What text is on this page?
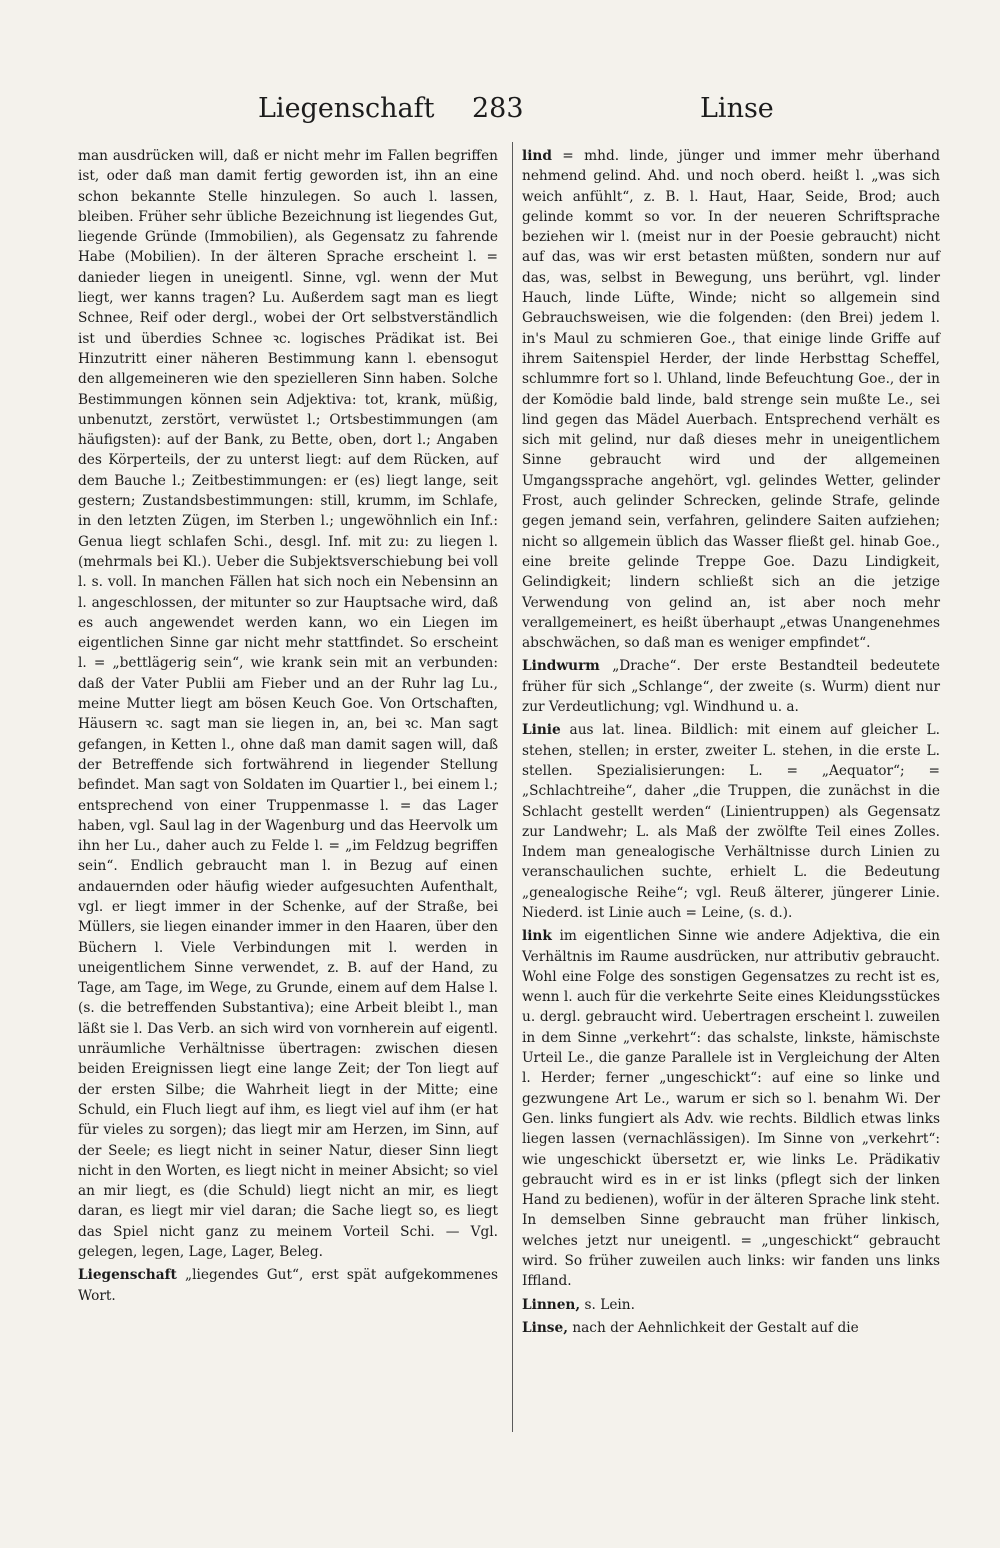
Liegenschaft 283	Linse

man ausdrücken will, daß er nicht mehr im Fallen begriffen ist, oder daß man damit fertig geworden ist, ihn an eine schon bekannte Stelle hinzulegen. So auch l. lassen, bleiben. Früher sehr übliche Bezeichnung ist liegendes Gut, liegende Gründe (Immobilien), als Gegensatz zu fahrende Habe (Mobilien). In der älteren Sprache erscheint l. = danieder liegen in uneigentl. Sinne, vgl. wenn der Mut liegt, wer kanns tragen? Lu. Außerdem sagt man es liegt Schnee, Reif oder dergl., wobei der Ort selbstverständlich ist und überdies Schnee ꝛc. logisches Prädikat ist. Bei Hinzutritt einer näheren Bestimmung kann l. ebensogut den allgemeineren wie den spezielleren Sinn haben. Solche Bestimmungen können sein Adjektiva: tot, krank, müßig, unbenutzt, zerstört, verwüstet l.; Ortsbestimmungen (am häufigsten): auf der Bank, zu Bette, oben, dort l.; Angaben des Körperteils, der zu unterst liegt: auf dem Rücken, auf dem Bauche l.; Zeitbestimmungen: er (es) liegt lange, seit gestern; Zustandsbestimmungen: still, krumm, im Schlafe, in den letzten Zügen, im Sterben l.; ungewöhnlich ein Inf.: Genua liegt schlafen Schi., desgl. Inf. mit zu: zu liegen l. (mehrmals bei Kl.). Ueber die Subjektsverschiebung bei voll l. s. voll. In manchen Fällen hat sich noch ein Nebensinn an l. angeschlossen, der mitunter so zur Hauptsache wird, daß es auch angewendet werden kann, wo ein Liegen im eigentlichen Sinne gar nicht mehr stattfindet. So erscheint l. = „bettlägerig sein“, wie krank sein mit an verbunden: daß der Vater Publii am Fieber und an der Ruhr lag Lu., meine Mutter liegt am bösen Keuch Goe. Von Ortschaften, Häusern ꝛc. sagt man sie liegen in, an, bei ꝛc. Man sagt gefangen, in Ketten l., ohne daß man damit sagen will, daß der Betreffende sich fortwährend in liegender Stellung befindet. Man sagt von Soldaten im Quartier l., bei einem l.; entsprechend von einer Truppenmasse l. = das Lager haben, vgl. Saul lag in der Wagenburg und das Heervolk um ihn her Lu., daher auch zu Felde l. = „im Feldzug begriffen sein“. Endlich gebraucht man l. in Bezug auf einen andauernden oder häufig wieder aufgesuchten Aufenthalt, vgl. er liegt immer in der Schenke, auf der Straße, bei Müllers, sie liegen einander immer in den Haaren, über den Büchern l. Viele Verbindungen mit l. werden in uneigentlichem Sinne verwendet, z. B. auf der Hand, zu Tage, am Tage, im Wege, zu Grunde, einem auf dem Halse l. (s. die betreffenden Substantiva); eine Arbeit bleibt l., man läßt sie l. Das Verb. an sich wird von vornherein auf eigentl. unräumliche Verhältnisse übertragen: zwischen diesen beiden Ereignissen liegt eine lange Zeit; der Ton liegt auf der ersten Silbe; die Wahrheit liegt in der Mitte; eine Schuld, ein Fluch liegt auf ihm, es liegt viel auf ihm (er hat für vieles zu sorgen); das liegt mir am Herzen, im Sinn, auf der Seele; es liegt nicht in seiner Natur, dieser Sinn liegt nicht in den Worten, es liegt nicht in meiner Absicht; so viel an mir liegt, es (die Schuld) liegt nicht an mir, es liegt daran, es liegt mir viel daran; die Sache liegt so, es liegt das Spiel nicht ganz zu meinem Vorteil Schi. — Vgl. gelegen, legen, Lage, Lager, Beleg.

Liegenschaft „liegendes Gut“, erst spät aufgekommenes Wort.

lind = mhd. linde, jünger und immer mehr überhand nehmend gelind. Ahd. und noch oberd. heißt l. „was sich weich anfühlt“, z. B. l. Haut, Haar, Seide, Brod; auch gelinde kommt so vor. In der neueren Schriftsprache beziehen wir l. (meist nur in der Poesie gebraucht) nicht auf das, was wir erst betasten müßten, sondern nur auf das, was, selbst in Bewegung, uns berührt, vgl. linder Hauch, linde Lüfte, Winde; nicht so allgemein sind Gebrauchsweisen, wie die folgenden: (den Brei) jedem l. in's Maul zu schmieren Goe., that einige linde Griffe auf ihrem Saitenspiel Herder, der linde Herbsttag Scheffel, schlummre fort so l. Uhland, linde Befeuchtung Goe., der in der Komödie bald linde, bald strenge sein mußte Le., sei lind gegen das Mädel Auerbach. Entsprechend verhält es sich mit gelind, nur daß dieses mehr in uneigentlichem Sinne gebraucht wird und der allgemeinen Umgangssprache angehört, vgl. gelindes Wetter, gelinder Frost, auch gelinder Schrecken, gelinde Strafe, gelinde gegen jemand sein, verfahren, gelindere Saiten aufziehen; nicht so allgemein üblich das Wasser fließt gel. hinab Goe., eine breite gelinde Treppe Goe. Dazu Lindigkeit, Gelindigkeit; lindern schließt sich an die jetzige Verwendung von gelind an, ist aber noch mehr verallgemeinert, es heißt überhaupt „etwas Unangenehmes abschwächen, so daß man es weniger empfindet“.

Lindwurm „Drache“. Der erste Bestandteil bedeutete früher für sich „Schlange“, der zweite (s. Wurm) dient nur zur Verdeutlichung; vgl. Windhund u. a.

Linie aus lat. linea. Bildlich: mit einem auf gleicher L. stehen, stellen; in erster, zweiter L. stehen, in die erste L. stellen. Spezialisierungen: L. = „Aequator“; = „Schlachtreihe“, daher „die Truppen, die zunächst in die Schlacht gestellt werden“ (Linientruppen) als Gegensatz zur Landwehr; L. als Maß der zwölfte Teil eines Zolles. Indem man genealogische Verhältnisse durch Linien zu veranschaulichen suchte, erhielt L. die Bedeutung „genealogische Reihe“; vgl. Reuß älterer, jüngerer Linie. Niederd. ist Linie auch = Leine, (s. d.).

link im eigentlichen Sinne wie andere Adjektiva, die ein Verhältnis im Raume ausdrücken, nur attributiv gebraucht. Wohl eine Folge des sonstigen Gegensatzes zu recht ist es, wenn l. auch für die verkehrte Seite eines Kleidungsstückes u. dergl. gebraucht wird. Uebertragen erscheint l. zuweilen in dem Sinne „verkehrt“: das schalste, linkste, hämischste Urteil Le., die ganze Parallele ist in Vergleichung der Alten l. Herder; ferner „ungeschickt“: auf eine so linke und gezwungene Art Le., warum er sich so l. benahm Wi. Der Gen. links fungiert als Adv. wie rechts. Bildlich etwas links liegen lassen (vernachlässigen). Im Sinne von „verkehrt“: wie ungeschickt übersetzt er, wie links Le. Prädikativ gebraucht wird es in er ist links (pflegt sich der linken Hand zu bedienen), wofür in der älteren Sprache link steht. In demselben Sinne gebraucht man früher linkisch, welches jetzt nur uneigentl. = „ungeschickt“ gebraucht wird. So früher zuweilen auch links: wir fanden uns links Iffland.

Linnen, s. Lein.

Linse, nach der Aehnlichkeit der Gestalt auf die
